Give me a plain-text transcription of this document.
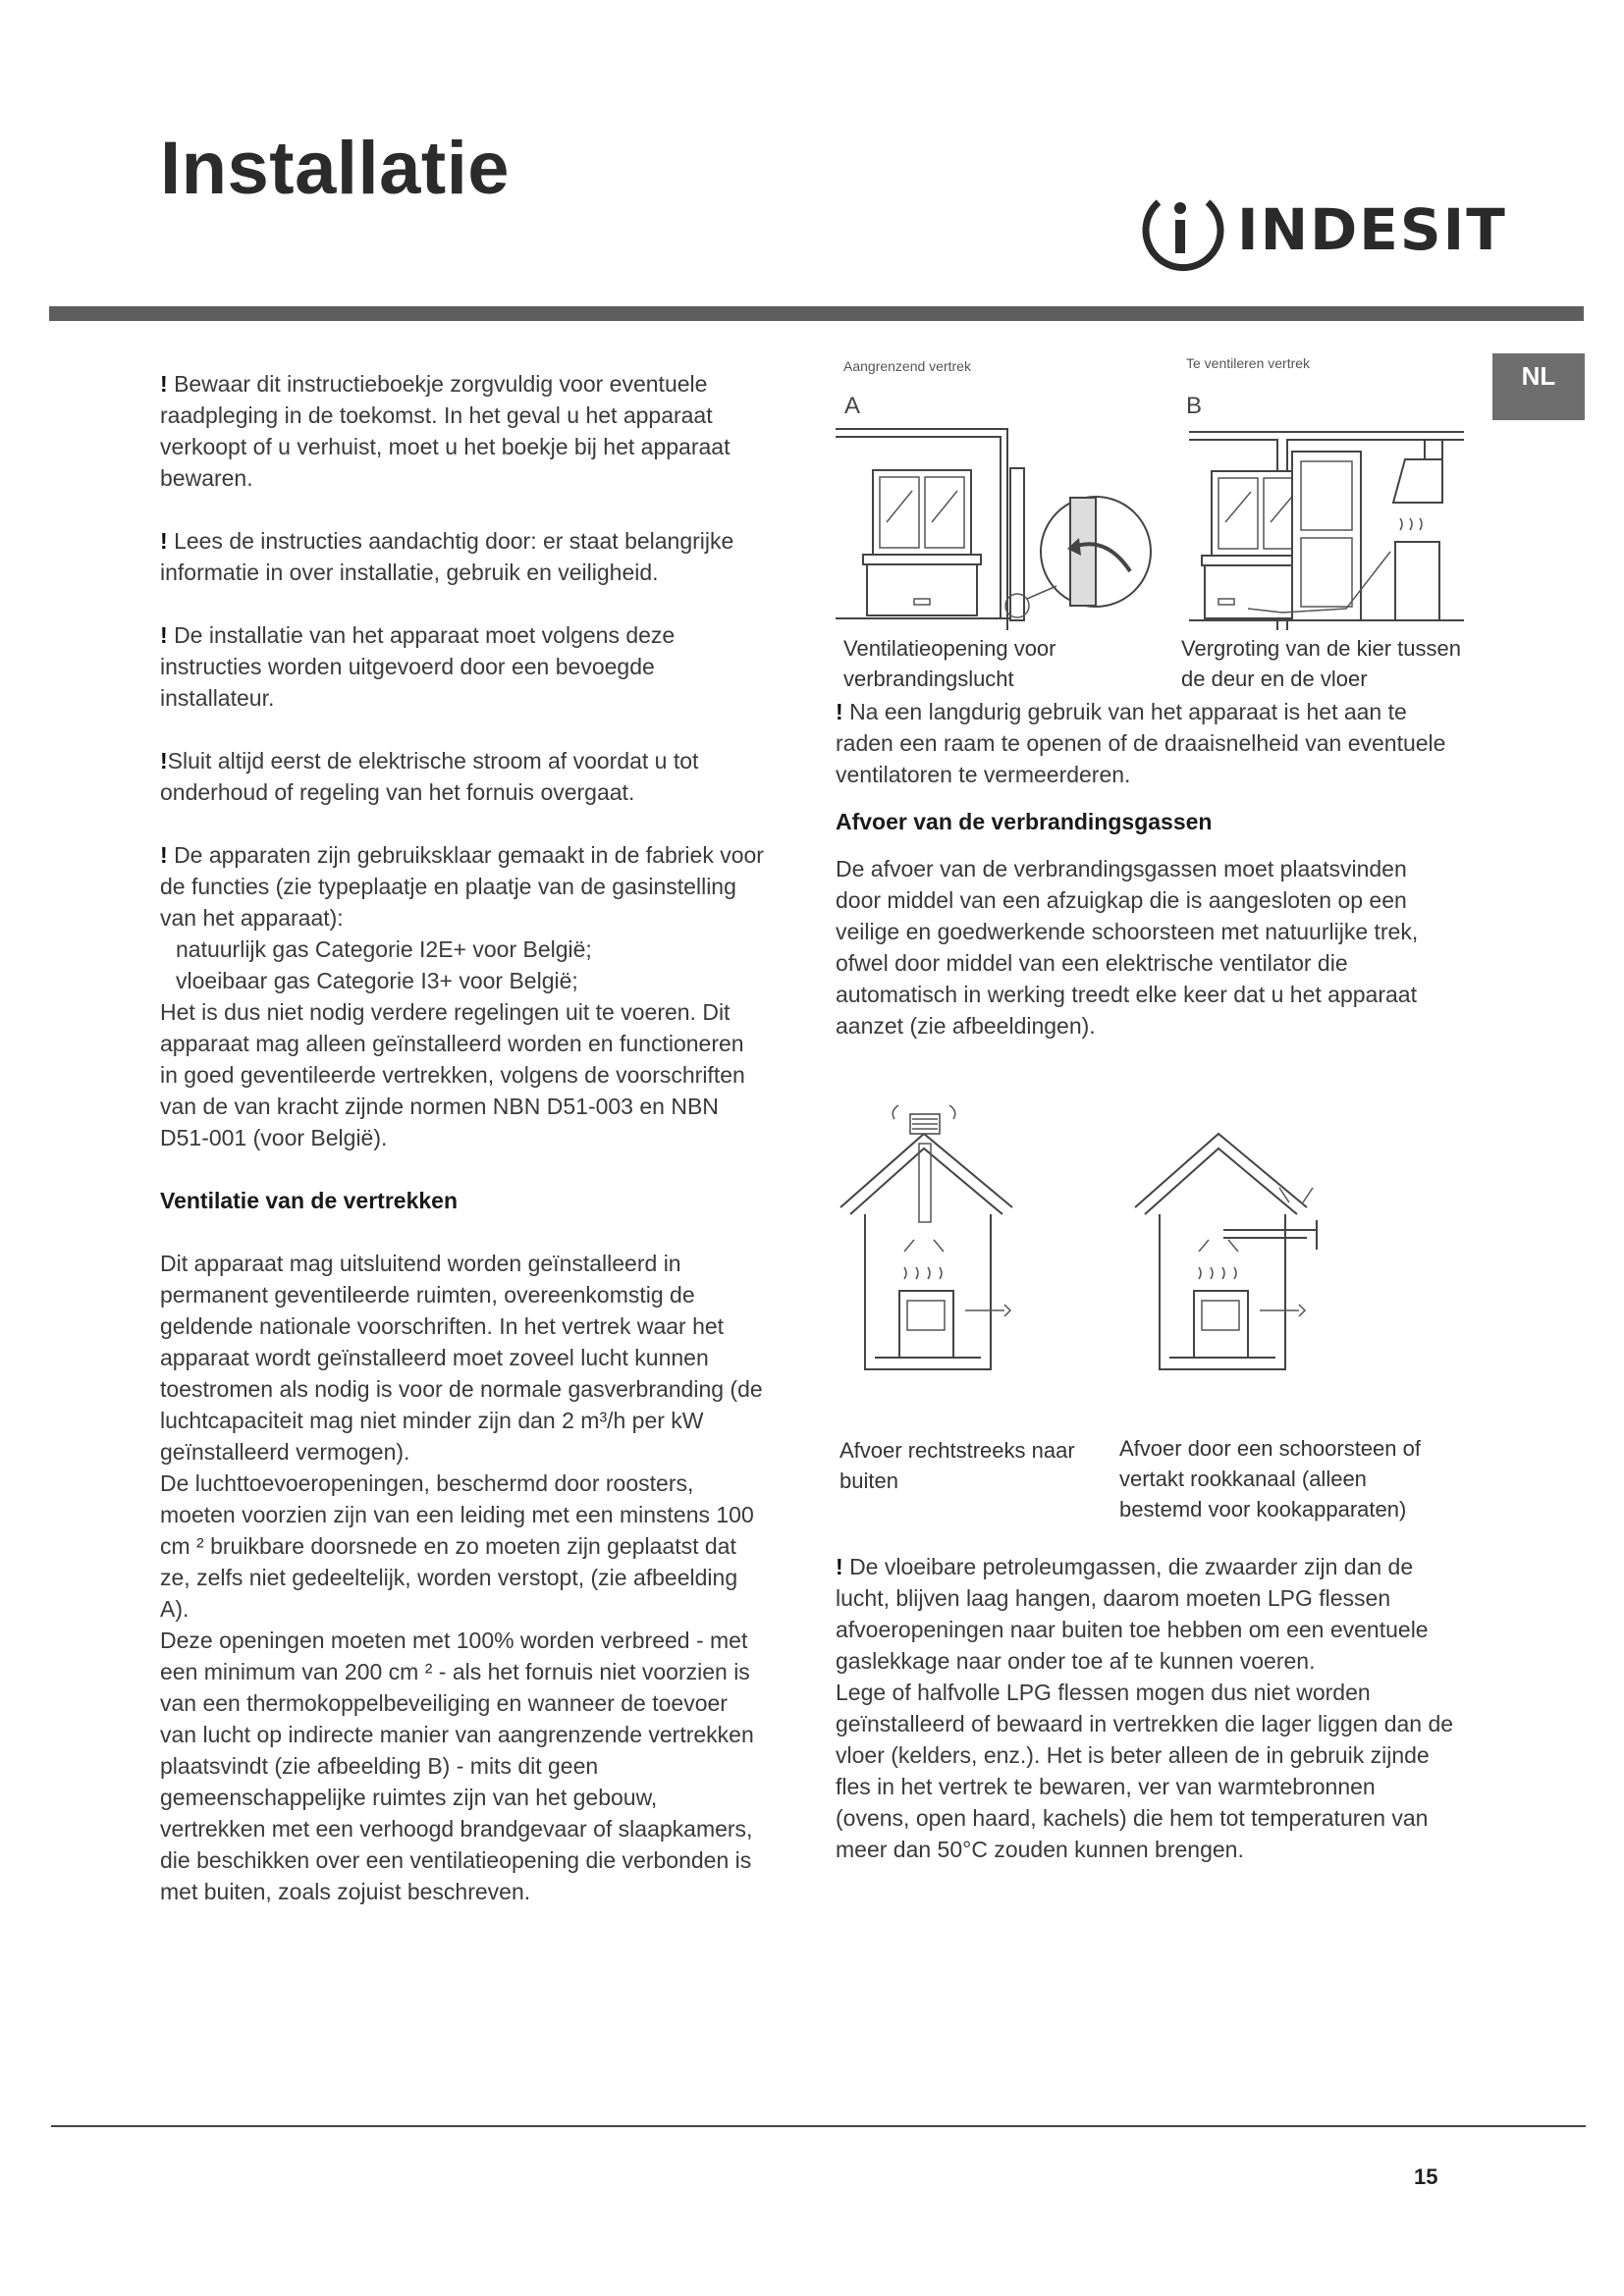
Installatie
INDESIT
NL

! Bewaar dit instructieboekje zorgvuldig voor eventuele raadpleging in de toekomst. In het geval u het apparaat verkoopt of u verhuist, moet u het boekje bij het apparaat bewaren.

! Lees de instructies aandachtig door: er staat belangrijke informatie in over installatie, gebruik en veiligheid.

! De installatie van het apparaat moet volgens deze instructies worden uitgevoerd door een bevoegde installateur.

!Sluit altijd eerst de elektrische stroom af voordat u tot onderhoud of regeling van het fornuis overgaat.

! De apparaten zijn gebruiksklaar gemaakt in de fabriek voor de functies (zie typeplaatje en plaatje van de gasinstelling van het apparaat):

natuurlijk gas Categorie I2E+ voor België;

vloeibaar gas Categorie I3+ voor België;

Het is dus niet nodig verdere regelingen uit te voeren. Dit apparaat mag alleen geïnstalleerd worden en functioneren in goed geventileerde vertrekken, volgens de voorschriften van de van kracht zijnde normen NBN D51-003 en NBN D51-001 (voor België).

Ventilatie van de vertrekken

Dit apparaat mag uitsluitend worden geïnstalleerd in permanent geventileerde ruimten, overeenkomstig de geldende nationale voorschriften. In het vertrek waar het apparaat wordt geïnstalleerd moet zoveel lucht kunnen toestromen als nodig is voor de normale gasverbranding (de luchtcapaciteit mag niet minder zijn dan 2 m³/h per kW geïnstalleerd vermogen).

De luchttoevoeropeningen, beschermd door roosters, moeten voorzien zijn van een leiding met een minstens 100 cm ² bruikbare doorsnede en zo moeten zijn geplaatst dat ze, zelfs niet gedeeltelijk, worden verstopt, (zie afbeelding A).

Deze openingen moeten met 100% worden verbreed - met een minimum van 200 cm ² - als het fornuis niet voorzien is van een thermokoppelbeveiliging en wanneer de toevoer van lucht op indirecte manier van aangrenzende vertrekken plaatsvindt (zie afbeelding B) - mits dit geen gemeenschappelijke ruimtes zijn van het gebouw, vertrekken met een verhoogd brandgevaar of slaapkamers, die beschikken over een ventilatieopening die verbonden is met buiten, zoals zojuist beschreven.

Aangrenzend vertrek	Te ventileren vertrek
A	B
Ventilatieopening voor verbrandingslucht
Vergroting van de kier tussen de deur en de vloer

! Na een langdurig gebruik van het apparaat is het aan te raden een raam te openen of de draaisnelheid van eventuele ventilatoren te vermeerderen.

Afvoer van de verbrandingsgassen

De afvoer van de verbrandingsgassen moet plaatsvinden door middel van een afzuigkap die is aangesloten op een veilige en goedwerkende schoorsteen met natuurlijke trek, ofwel door middel van een elektrische ventilator die automatisch in werking treedt elke keer dat u het apparaat aanzet (zie afbeeldingen).

Afvoer rechtstreeks naar buiten
Afvoer door een schoorsteen of vertakt rookkanaal (alleen bestemd voor kookapparaten)

! De vloeibare petroleumgassen, die zwaarder zijn dan de lucht, blijven laag hangen, daarom moeten LPG flessen afvoeropeningen naar buiten toe hebben om een eventuele gaslekkage naar onder toe af te kunnen voeren.

Lege of halfvolle LPG flessen mogen dus niet worden geïnstalleerd of bewaard in vertrekken die lager liggen dan de vloer (kelders, enz.). Het is beter alleen de in gebruik zijnde fles in het vertrek te bewaren, ver van warmtebronnen (ovens, open haard, kachels) die hem tot temperaturen van meer dan 50°C zouden kunnen brengen.

15
